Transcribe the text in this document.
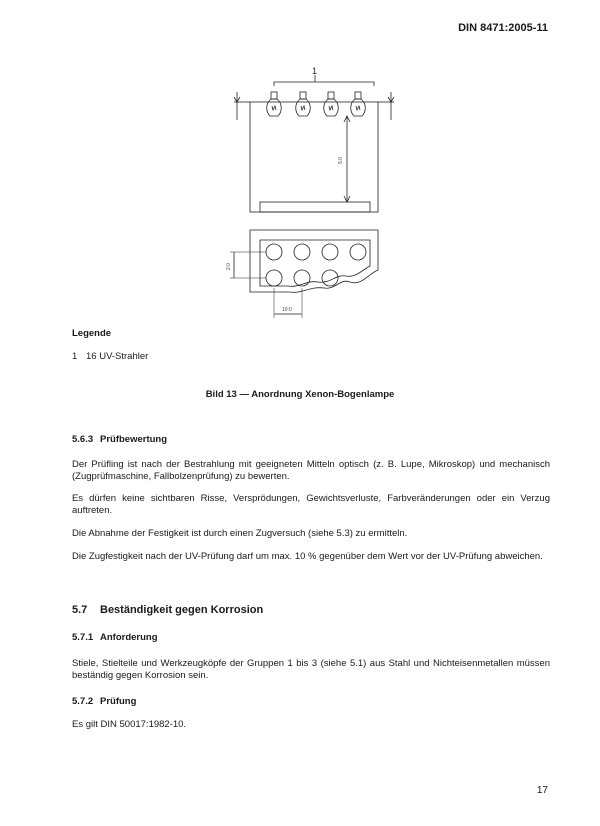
DIN 8471:2005-11
1
5:0
2:0
10:0
Legende
1 16 UV-Strahler
Bild 13 — Anordnung Xenon-Bogenlampe
5.6.3 Prüfbewertung
Der Prüfling ist nach der Bestrahlung mit geeigneten Mitteln optisch (z. B. Lupe, Mikroskop) und mechanisch (Zugprüfmaschine, Fallbolzenprüfung) zu bewerten.
Es dürfen keine sichtbaren Risse, Versprödungen, Gewichtsverluste, Farbveränderungen oder ein Verzug auftreten.
Die Abnahme der Festigkeit ist durch einen Zugversuch (siehe 5.3) zu ermitteln.
Die Zugfestigkeit nach der UV-Prüfung darf um max. 10 % gegenüber dem Wert vor der UV-Prüfung abweichen.
5.7 Beständigkeit gegen Korrosion
5.7.1 Anforderung
Stiele, Stielteile und Werkzeugköpfe der Gruppen 1 bis 3 (siehe 5.1) aus Stahl und Nichteisenmetallen müssen beständig gegen Korrosion sein.
5.7.2 Prüfung
Es gilt DIN 50017:1982-10.
17
